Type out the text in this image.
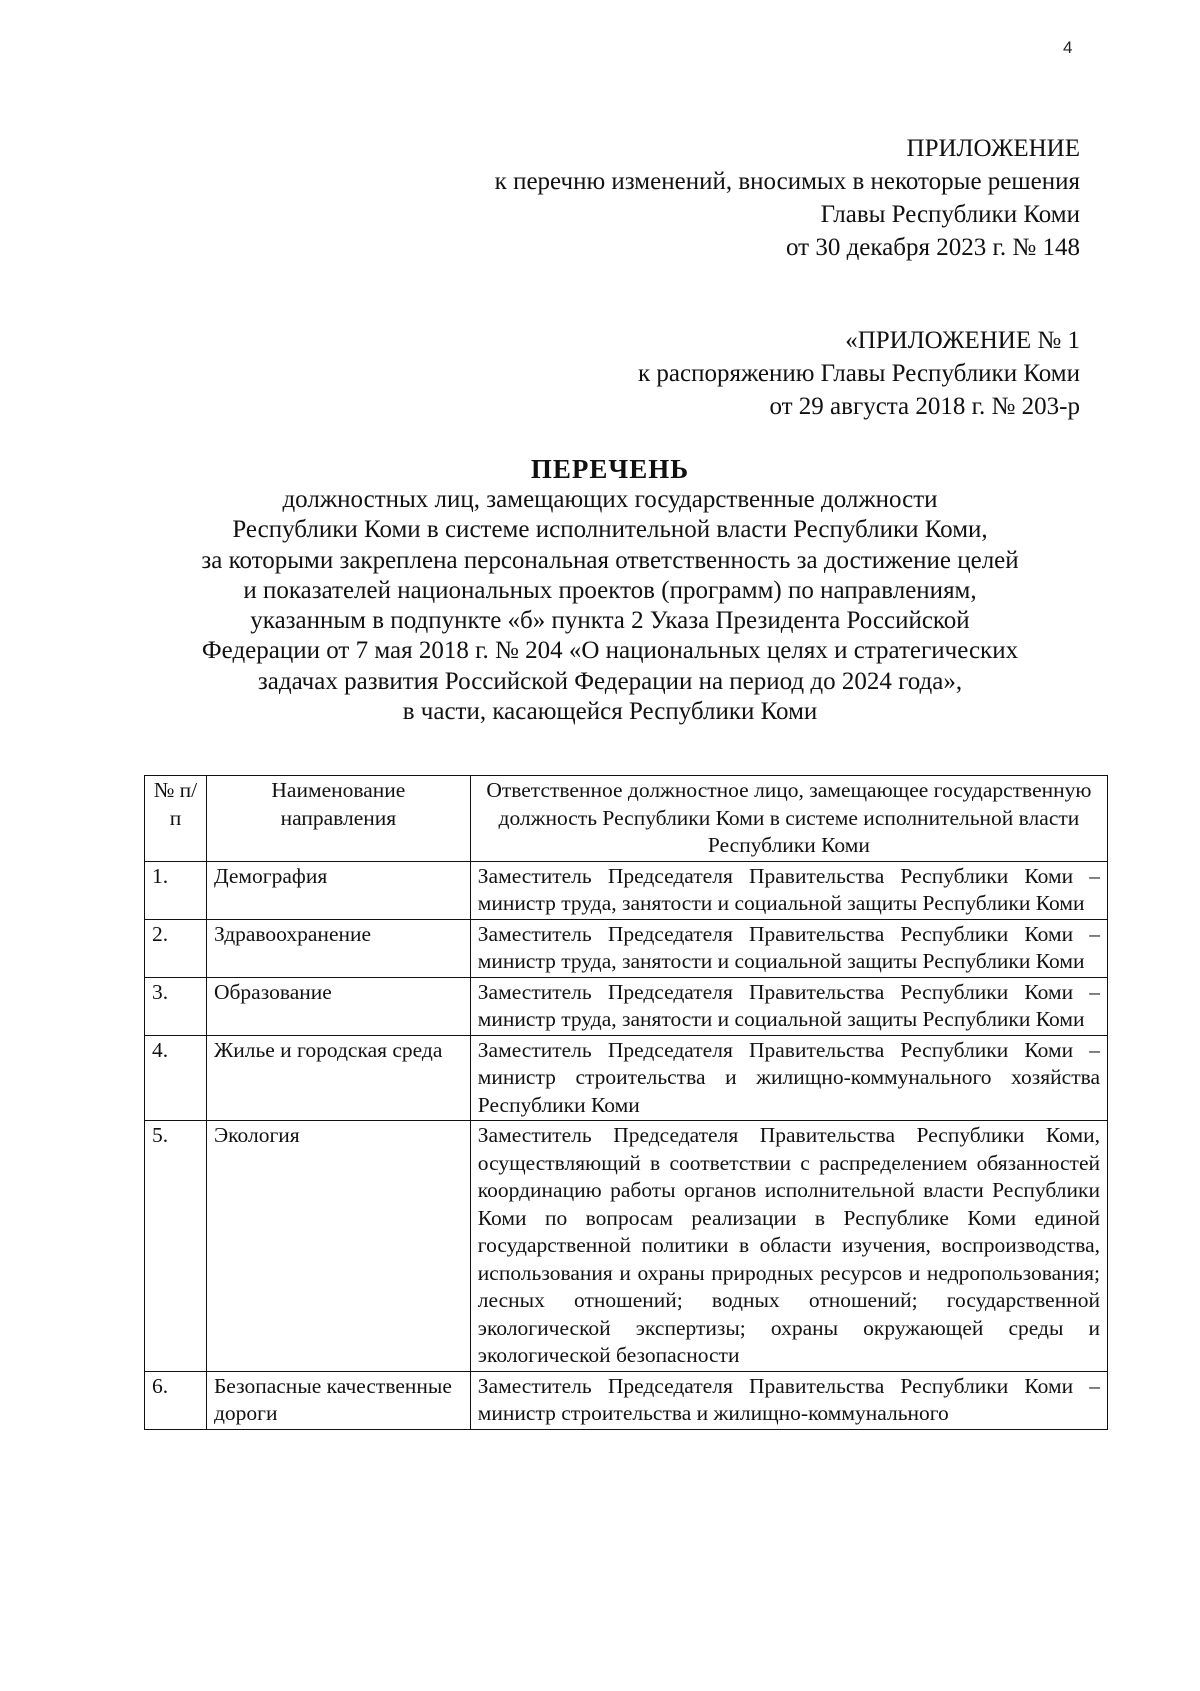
4
ПРИЛОЖЕНИЕ
к перечню изменений, вносимых в некоторые решения
Главы Республики Коми
от 30 декабря 2023 г. № 148
«ПРИЛОЖЕНИЕ № 1
к распоряжению Главы Республики Коми
от 29 августа 2018 г. № 203-р
ПЕРЕЧЕНЬ
должностных лиц, замещающих государственные должности
Республики Коми в системе исполнительной власти Республики Коми,
за которыми закреплена персональная ответственность за достижение целей
и показателей национальных проектов (программ) по направлениям,
указанным в подпункте «б» пункта 2 Указа Президента Российской
Федерации от 7 мая 2018 г. № 204 «О национальных целях и стратегических
задачах развития Российской Федерации на период до 2024 года»,
в части, касающейся Республики Коми
№ п/п	Наименование направления	Ответственное должностное лицо, замещающее государственную должность Республики Коми в системе исполнительной власти Республики Коми
1.	Демография	Заместитель Председателя Правительства Республики Коми – министр труда, занятости и социальной защиты Республики Коми
2.	Здравоохранение	Заместитель Председателя Правительства Республики Коми – министр труда, занятости и социальной защиты Республики Коми
3.	Образование	Заместитель Председателя Правительства Республики Коми – министр труда, занятости и социальной защиты Республики Коми
4.	Жилье и городская среда	Заместитель Председателя Правительства Республики Коми – министр строительства и жилищно-коммунального хозяйства Республики Коми
5.	Экология	Заместитель Председателя Правительства Республики Коми, осуществляющий в соответствии с распределением обязанностей координацию работы органов исполнительной власти Республики Коми по вопросам реализации в Республике Коми единой государственной политики в области изучения, воспроизводства, использования и охраны природных ресурсов и недропользования; лесных отношений; водных отношений; государственной экологической экспертизы; охраны окружающей среды и экологической безопасности
6.	Безопасные качественные дороги	Заместитель Председателя Правительства Республики Коми – министр строительства и жилищно-коммунального
